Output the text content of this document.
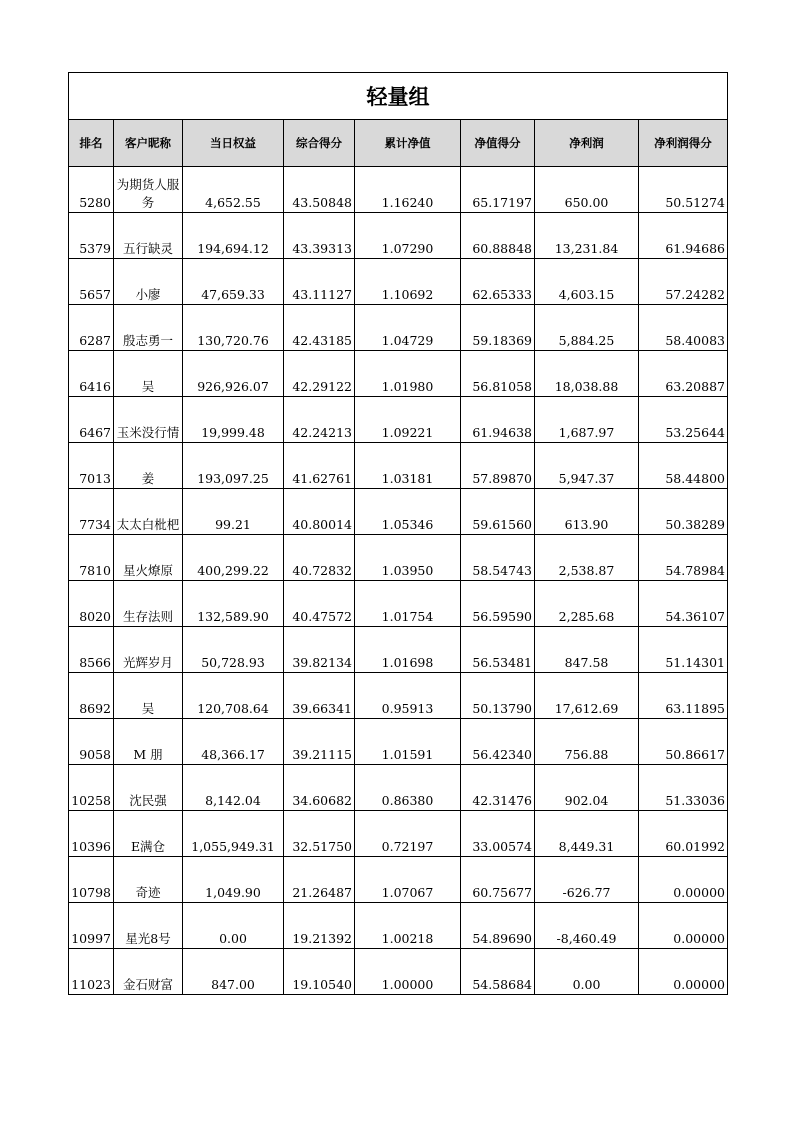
轻量组							
排名	客户昵称	当日权益	综合得分	累计净值	净值得分	净利润	净利润得分
5280	为期货人服务	4,652.55	43.50848	1.16240	65.17197	650.00	50.51274
5379	五行缺灵	194,694.12	43.39313	1.07290	60.88848	13,231.84	61.94686
5657	小廖	47,659.33	43.11127	1.10692	62.65333	4,603.15	57.24282
6287	殷志勇一	130,720.76	42.43185	1.04729	59.18369	5,884.25	58.40083
6416	吴	926,926.07	42.29122	1.01980	56.81058	18,038.88	63.20887
6467	玉米没行情	19,999.48	42.24213	1.09221	61.94638	1,687.97	53.25644
7013	姜	193,097.25	41.62761	1.03181	57.89870	5,947.37	58.44800
7734	太太白枇杷	99.21	40.80014	1.05346	59.61560	613.90	50.38289
7810	星火燎原	400,299.22	40.72832	1.03950	58.54743	2,538.87	54.78984
8020	生存法则	132,589.90	40.47572	1.01754	56.59590	2,285.68	54.36107
8566	光辉岁月	50,728.93	39.82134	1.01698	56.53481	847.58	51.14301
8692	吴	120,708.64	39.66341	0.95913	50.13790	17,612.69	63.11895
9058	M 朋	48,366.17	39.21115	1.01591	56.42340	756.88	50.86617
10258	沈民强	8,142.04	34.60682	0.86380	42.31476	902.04	51.33036
10396	E满仓	1,055,949.31	32.51750	0.72197	33.00574	8,449.31	60.01992
10798	奇迹	1,049.90	21.26487	1.07067	60.75677	-626.77	0.00000
10997	星光8号	0.00	19.21392	1.00218	54.89690	-8,460.49	0.00000
11023	金石财富	847.00	19.10540	1.00000	54.58684	0.00	0.00000
